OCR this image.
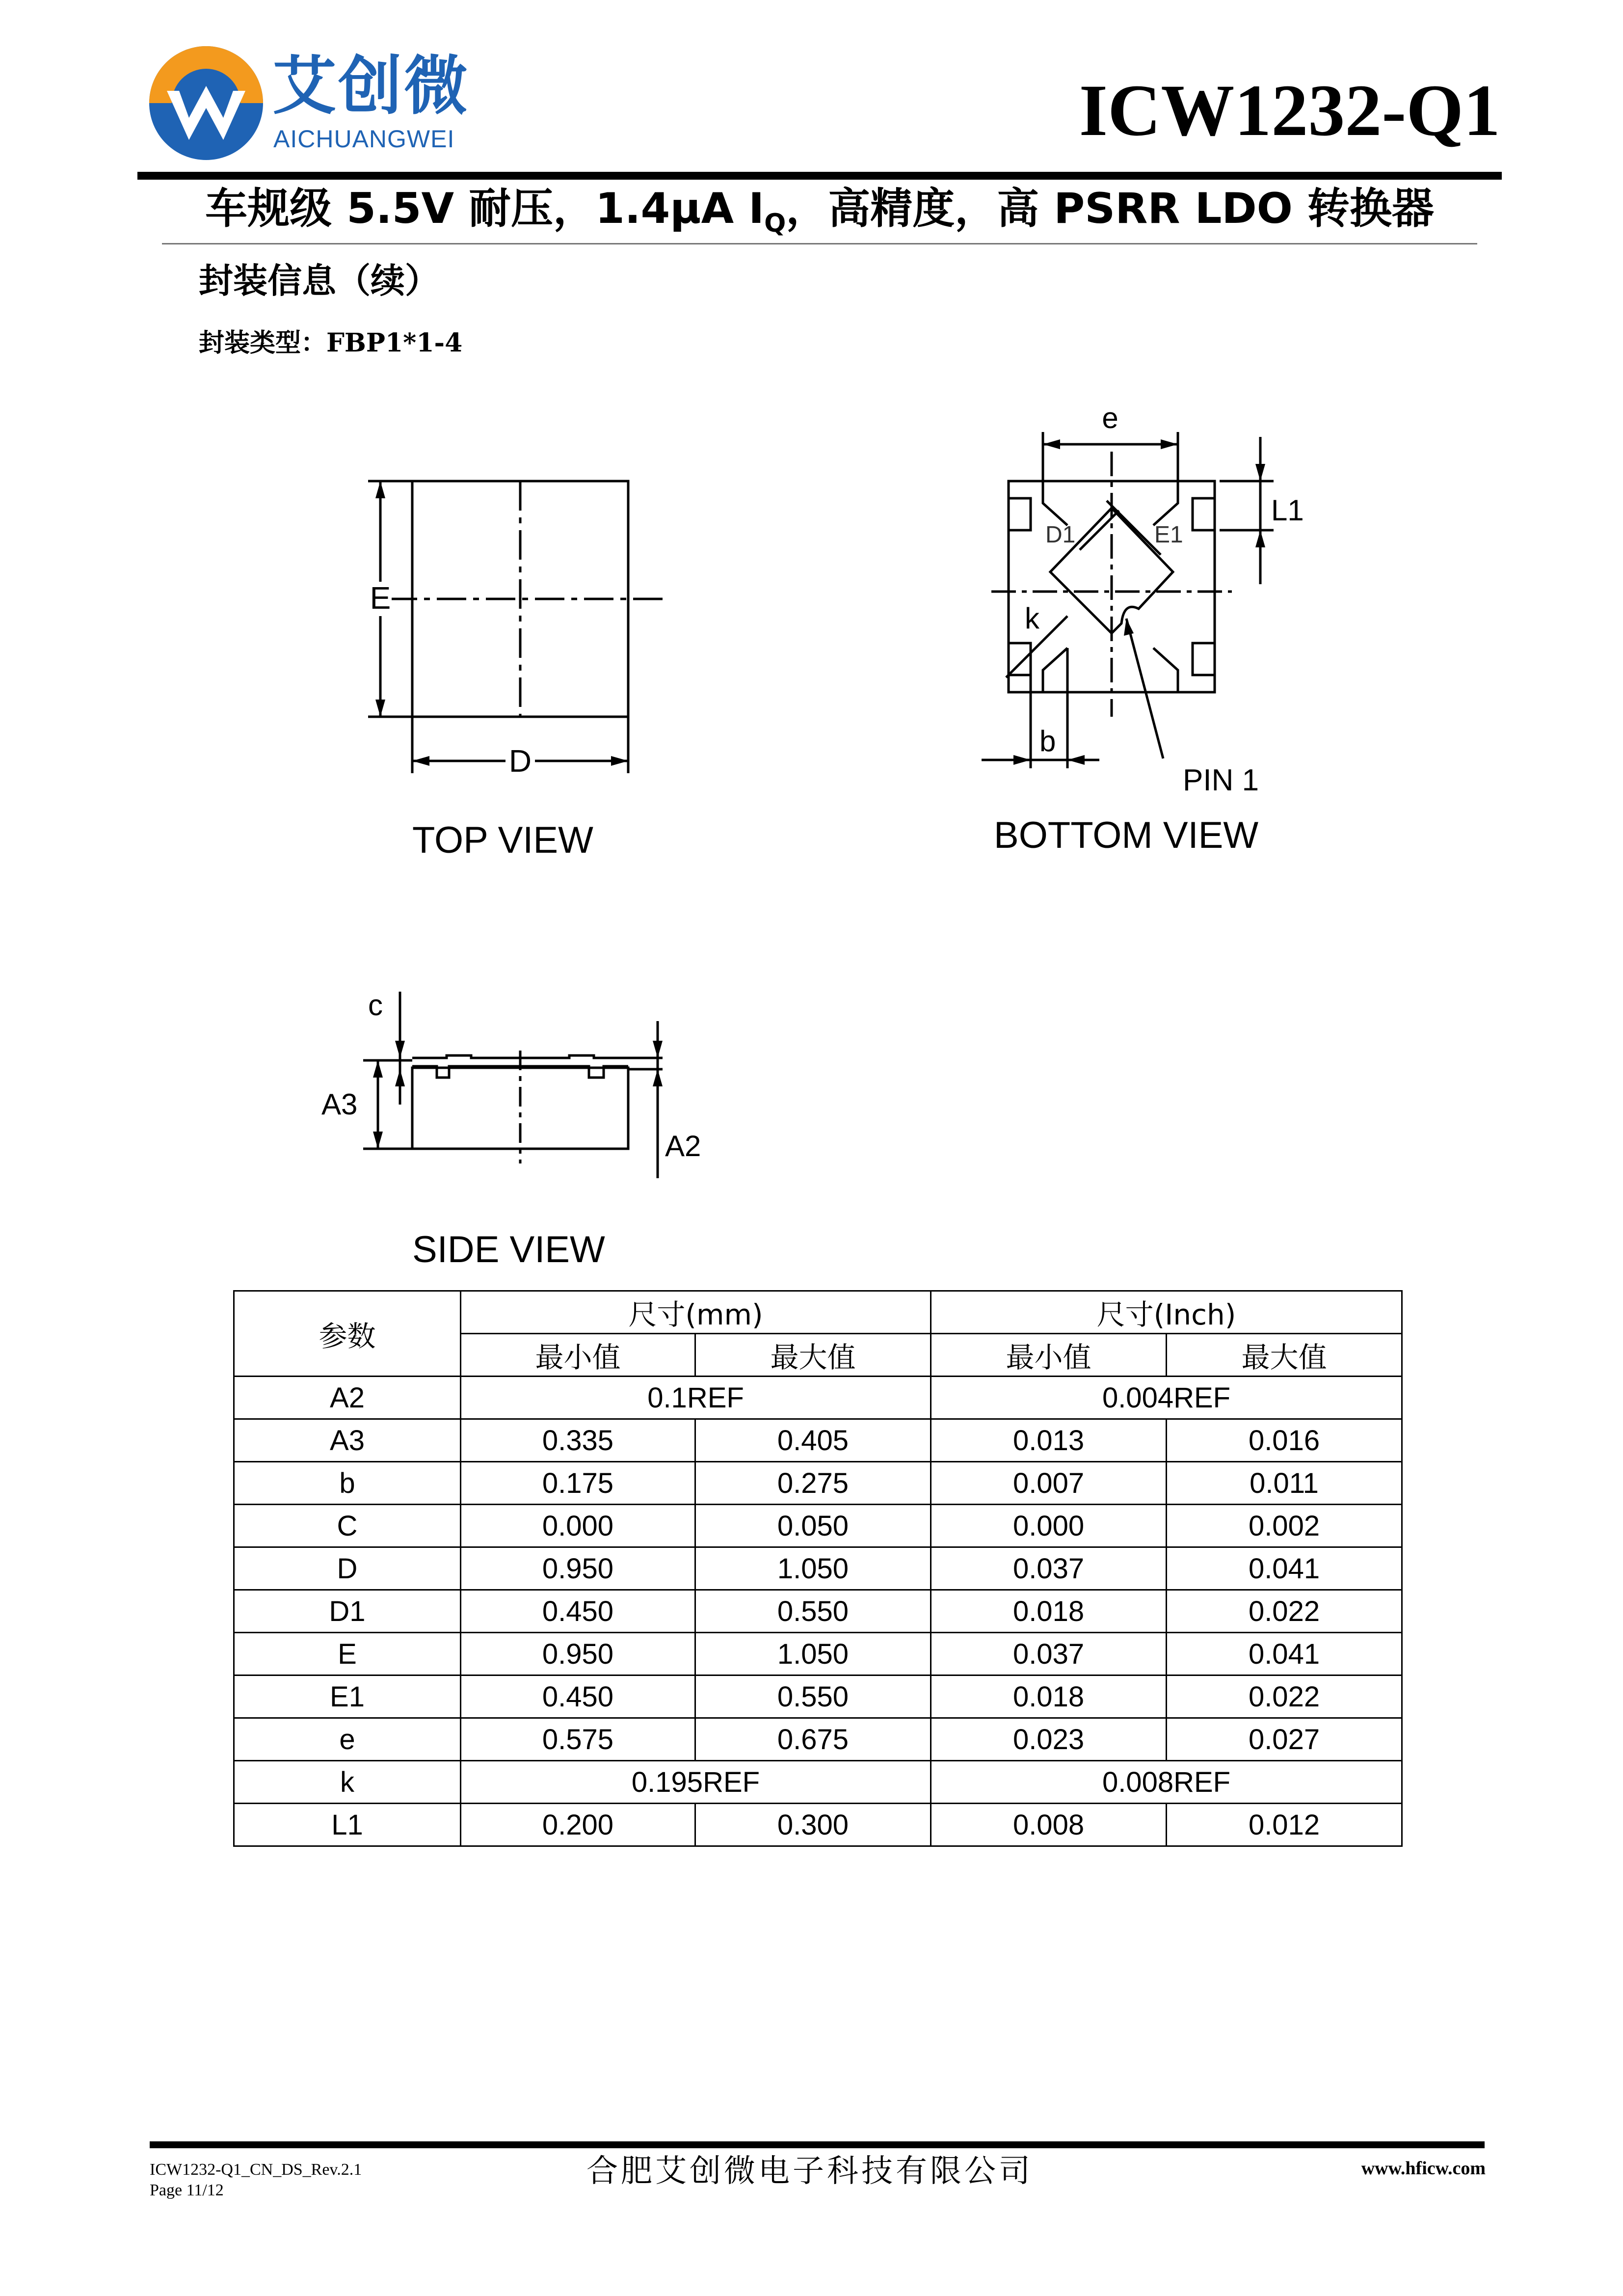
艾创微
AICHUANGWEI	ICW1232-Q1
车规级 5.5V 耐压，1.4µA $I_Q$，高精度，高 PSRR LDO 转换器
封装信息（续）
封装类型：FBP1*1-4
E
D
TOP VIEW
e
L1
D1	E1
k
b
PIN 1
BOTTOM VIEW
c
A3
A2
SIDE VIEW
参数	尺寸(mm)		尺寸(Inch)	
	最小值	最大值	最小值	最大值
A2	0.1REF		0.004REF	
A3	0.335	0.405	0.013	0.016
b	0.175	0.275	0.007	0.011
C	0.000	0.050	0.000	0.002
D	0.950	1.050	0.037	0.041
D1	0.450	0.550	0.018	0.022
E	0.950	1.050	0.037	0.041
E1	0.450	0.550	0.018	0.022
e	0.575	0.675	0.023	0.027
k	0.195REF		0.008REF	
L1	0.200	0.300	0.008	0.012
ICW1232-Q1_CN_DS_Rev.2.1
Page 11/12
合肥艾创微电子科技有限公司	www.hficw.com
